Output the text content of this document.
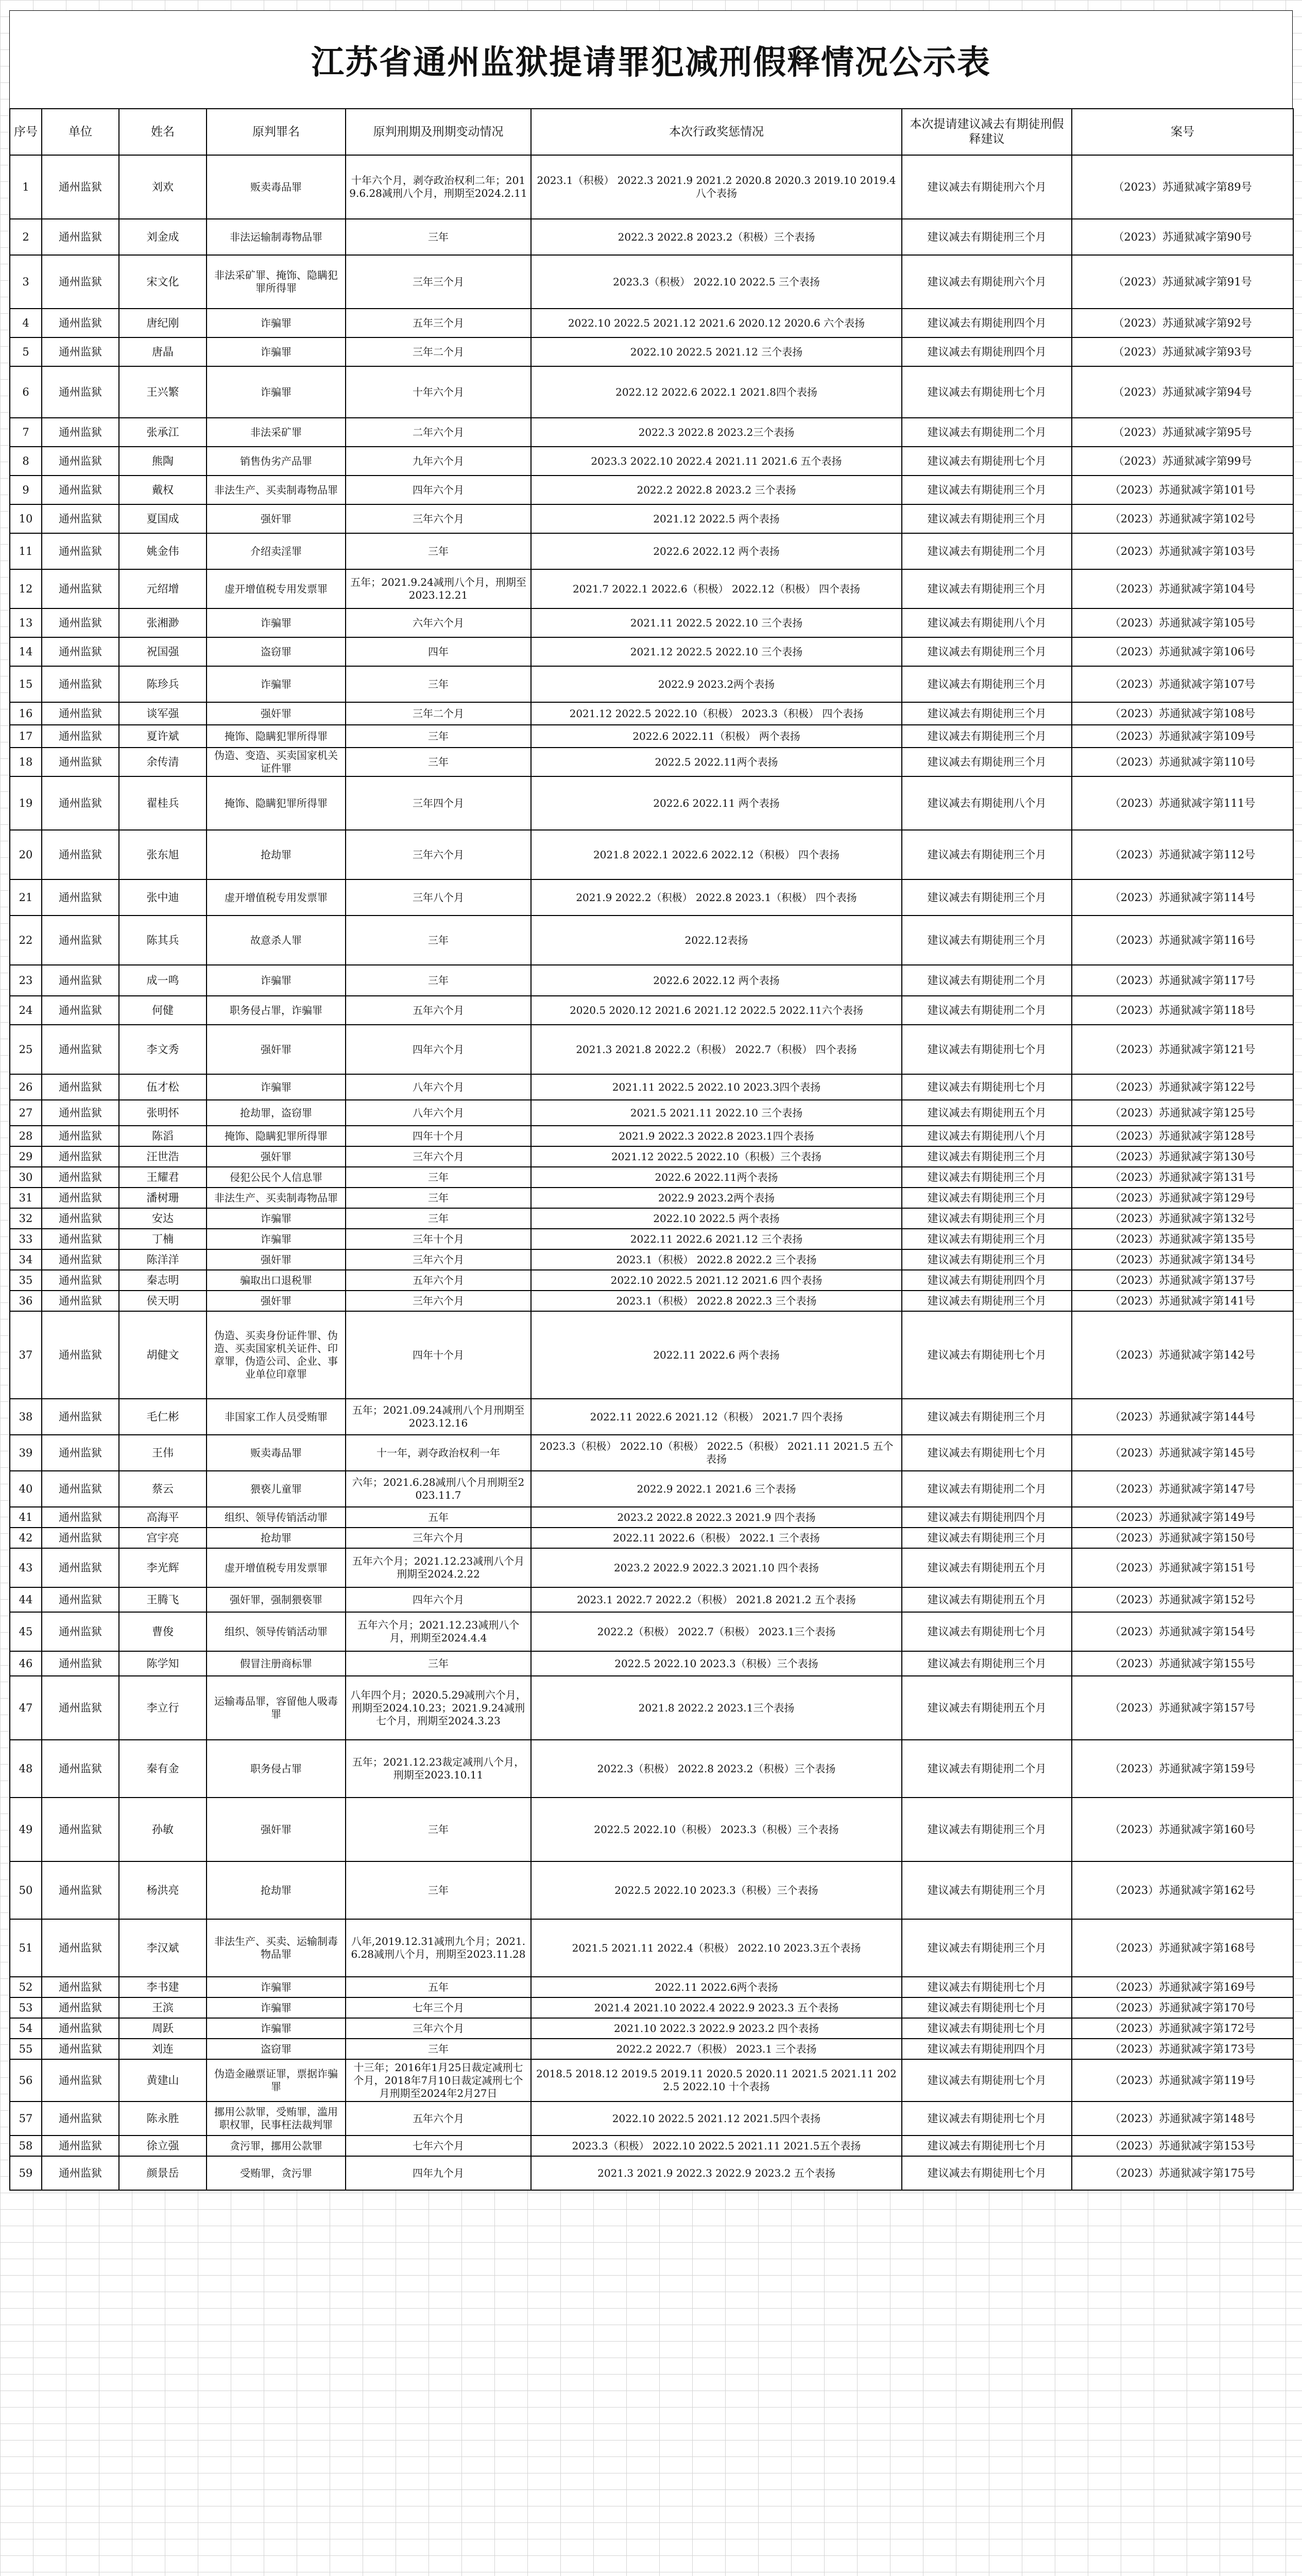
江苏省通州监狱提请罪犯减刑假释情况公示表
序号	单位	姓名	原判罪名	原判刑期及刑期变动情况	本次行政奖惩情况	本次提请建议减去有期徒刑假释建议	案号
1	通州监狱	刘欢	贩卖毒品罪	十年六个月，剥夺政治权利二年；2019.6.28减刑八个月，刑期至2024.2.11	2023.1（积极） 2022.3 2021.9 2021.2 2020.8 2020.3 2019.10 2019.4八个表扬	建议减去有期徒刑六个月	（2023）苏通狱减字第89号
2	通州监狱	刘金成	非法运输制毒物品罪	三年	2022.3 2022.8 2023.2（积极）三个表扬	建议减去有期徒刑三个月	（2023）苏通狱减字第90号
3	通州监狱	宋文化	非法采矿罪、掩饰、隐瞒犯罪所得罪	三年三个月	2023.3（积极） 2022.10 2022.5 三个表扬	建议减去有期徒刑六个月	（2023）苏通狱减字第91号
4	通州监狱	唐纪刚	诈骗罪	五年三个月	2022.10 2022.5 2021.12 2021.6 2020.12 2020.6 六个表扬	建议减去有期徒刑四个月	（2023）苏通狱减字第92号
5	通州监狱	唐晶	诈骗罪	三年二个月	2022.10 2022.5 2021.12 三个表扬	建议减去有期徒刑四个月	（2023）苏通狱减字第93号
6	通州监狱	王兴繁	诈骗罪	十年六个月	2022.12 2022.6 2022.1 2021.8四个表扬	建议减去有期徒刑七个月	（2023）苏通狱减字第94号
7	通州监狱	张承江	非法采矿罪	二年六个月	2022.3 2022.8 2023.2三个表扬	建议减去有期徒刑二个月	（2023）苏通狱减字第95号
8	通州监狱	熊陶	销售伪劣产品罪	九年六个月	2023.3 2022.10 2022.4 2021.11 2021.6 五个表扬	建议减去有期徒刑七个月	（2023）苏通狱减字第99号
9	通州监狱	戴权	非法生产、买卖制毒物品罪	四年六个月	2022.2 2022.8 2023.2 三个表扬	建议减去有期徒刑三个月	（2023）苏通狱减字第101号
10	通州监狱	夏国成	强奸罪	三年六个月	2021.12 2022.5 两个表扬	建议减去有期徒刑三个月	（2023）苏通狱减字第102号
11	通州监狱	姚金伟	介绍卖淫罪	三年	2022.6 2022.12 两个表扬	建议减去有期徒刑二个月	（2023）苏通狱减字第103号
12	通州监狱	元绍增	虚开增值税专用发票罪	五年；2021.9.24减刑八个月，刑期至2023.12.21	2021.7 2022.1 2022.6（积极） 2022.12（积极） 四个表扬	建议减去有期徒刑三个月	（2023）苏通狱减字第104号
13	通州监狱	张湘渺	诈骗罪	六年六个月	2021.11 2022.5 2022.10 三个表扬	建议减去有期徒刑八个月	（2023）苏通狱减字第105号
14	通州监狱	祝国强	盗窃罪	四年	2021.12 2022.5 2022.10 三个表扬	建议减去有期徒刑三个月	（2023）苏通狱减字第106号
15	通州监狱	陈珍兵	诈骗罪	三年	2022.9 2023.2两个表扬	建议减去有期徒刑三个月	（2023）苏通狱减字第107号
16	通州监狱	谈军强	强奸罪	三年二个月	2021.12 2022.5 2022.10（积极） 2023.3（积极） 四个表扬	建议减去有期徒刑三个月	（2023）苏通狱减字第108号
17	通州监狱	夏许斌	掩饰、隐瞒犯罪所得罪	三年	2022.6 2022.11（积极） 两个表扬	建议减去有期徒刑三个月	（2023）苏通狱减字第109号
18	通州监狱	余传清	伪造、变造、买卖国家机关证件罪	三年	2022.5 2022.11两个表扬	建议减去有期徒刑三个月	（2023）苏通狱减字第110号
19	通州监狱	翟桂兵	掩饰、隐瞒犯罪所得罪	三年四个月	2022.6 2022.11 两个表扬	建议减去有期徒刑八个月	（2023）苏通狱减字第111号
20	通州监狱	张东旭	抢劫罪	三年六个月	2021.8 2022.1 2022.6 2022.12（积极） 四个表扬	建议减去有期徒刑三个月	（2023）苏通狱减字第112号
21	通州监狱	张中迪	虚开增值税专用发票罪	三年八个月	2021.9 2022.2（积极） 2022.8 2023.1（积极） 四个表扬	建议减去有期徒刑三个月	（2023）苏通狱减字第114号
22	通州监狱	陈其兵	故意杀人罪	三年	2022.12表扬	建议减去有期徒刑三个月	（2023）苏通狱减字第116号
23	通州监狱	成一鸣	诈骗罪	三年	2022.6 2022.12 两个表扬	建议减去有期徒刑二个月	（2023）苏通狱减字第117号
24	通州监狱	何健	职务侵占罪，诈骗罪	五年六个月	2020.5 2020.12 2021.6 2021.12 2022.5 2022.11六个表扬	建议减去有期徒刑二个月	（2023）苏通狱减字第118号
25	通州监狱	李文秀	强奸罪	四年六个月	2021.3 2021.8 2022.2（积极） 2022.7（积极） 四个表扬	建议减去有期徒刑七个月	（2023）苏通狱减字第121号
26	通州监狱	伍才松	诈骗罪	八年六个月	2021.11 2022.5 2022.10 2023.3四个表扬	建议减去有期徒刑七个月	（2023）苏通狱减字第122号
27	通州监狱	张明怀	抢劫罪，盗窃罪	八年六个月	2021.5 2021.11 2022.10 三个表扬	建议减去有期徒刑五个月	（2023）苏通狱减字第125号
28	通州监狱	陈滔	掩饰、隐瞒犯罪所得罪	四年十个月	2021.9 2022.3 2022.8 2023.1四个表扬	建议减去有期徒刑八个月	（2023）苏通狱减字第128号
29	通州监狱	汪世浩	强奸罪	三年六个月	2021.12 2022.5 2022.10（积极）三个表扬	建议减去有期徒刑三个月	（2023）苏通狱减字第130号
30	通州监狱	王耀君	侵犯公民个人信息罪	三年	2022.6 2022.11两个表扬	建议减去有期徒刑三个月	（2023）苏通狱减字第131号
31	通州监狱	潘树珊	非法生产、买卖制毒物品罪	三年	2022.9 2023.2两个表扬	建议减去有期徒刑三个月	（2023）苏通狱减字第129号
32	通州监狱	安达	诈骗罪	三年	2022.10 2022.5 两个表扬	建议减去有期徒刑三个月	（2023）苏通狱减字第132号
33	通州监狱	丁楠	诈骗罪	三年十个月	2022.11 2022.6 2021.12 三个表扬	建议减去有期徒刑三个月	（2023）苏通狱减字第135号
34	通州监狱	陈洋洋	强奸罪	三年六个月	2023.1（积极） 2022.8 2022.2 三个表扬	建议减去有期徒刑三个月	（2023）苏通狱减字第134号
35	通州监狱	秦志明	骗取出口退税罪	五年六个月	2022.10 2022.5 2021.12 2021.6 四个表扬	建议减去有期徒刑四个月	（2023）苏通狱减字第137号
36	通州监狱	侯天明	强奸罪	三年六个月	2023.1（积极） 2022.8 2022.3 三个表扬	建议减去有期徒刑三个月	（2023）苏通狱减字第141号
37	通州监狱	胡健文	伪造、买卖身份证件罪、伪造、买卖国家机关证件、印章罪，伪造公司、企业、事业单位印章罪	四年十个月	2022.11 2022.6 两个表扬	建议减去有期徒刑七个月	（2023）苏通狱减字第142号
38	通州监狱	毛仁彬	非国家工作人员受贿罪	五年；2021.09.24减刑八个月刑期至2023.12.16	2022.11 2022.6 2021.12（积极） 2021.7 四个表扬	建议减去有期徒刑三个月	（2023）苏通狱减字第144号
39	通州监狱	王伟	贩卖毒品罪	十一年，剥夺政治权利一年	2023.3（积极） 2022.10（积极） 2022.5（积极） 2021.11 2021.5 五个表扬	建议减去有期徒刑七个月	（2023）苏通狱减字第145号
40	通州监狱	蔡云	猥亵儿童罪	六年；2021.6.28减刑八个月刑期至2023.11.7	2022.9 2022.1 2021.6 三个表扬	建议减去有期徒刑二个月	（2023）苏通狱减字第147号
41	通州监狱	高海平	组织、领导传销活动罪	五年	2023.2 2022.8 2022.3 2021.9 四个表扬	建议减去有期徒刑四个月	（2023）苏通狱减字第149号
42	通州监狱	宫宇亮	抢劫罪	三年六个月	2022.11 2022.6（积极） 2022.1 三个表扬	建议减去有期徒刑三个月	（2023）苏通狱减字第150号
43	通州监狱	李光辉	虚开增值税专用发票罪	五年六个月；2021.12.23减刑八个月刑期至2024.2.22	2023.2 2022.9 2022.3 2021.10 四个表扬	建议减去有期徒刑五个月	（2023）苏通狱减字第151号
44	通州监狱	王腾飞	强奸罪，强制猥亵罪	四年六个月	2023.1 2022.7 2022.2（积极） 2021.8 2021.2 五个表扬	建议减去有期徒刑五个月	（2023）苏通狱减字第152号
45	通州监狱	曹俊	组织、领导传销活动罪	五年六个月；2021.12.23减刑八个月，刑期至2024.4.4	2022.2（积极） 2022.7（积极） 2023.1三个表扬	建议减去有期徒刑七个月	（2023）苏通狱减字第154号
46	通州监狱	陈学知	假冒注册商标罪	三年	2022.5 2022.10 2023.3（积极）三个表扬	建议减去有期徒刑三个月	（2023）苏通狱减字第155号
47	通州监狱	李立行	运输毒品罪，容留他人吸毒罪	八年四个月；2020.5.29减刑六个月，刑期至2024.10.23；2021.9.24减刑七个月，刑期至2024.3.23	2021.8 2022.2 2023.1三个表扬	建议减去有期徒刑五个月	（2023）苏通狱减字第157号
48	通州监狱	秦有金	职务侵占罪	五年；2021.12.23裁定减刑八个月，刑期至2023.10.11	2022.3（积极） 2022.8 2023.2（积极）三个表扬	建议减去有期徒刑二个月	（2023）苏通狱减字第159号
49	通州监狱	孙敏	强奸罪	三年	2022.5 2022.10（积极） 2023.3（积极）三个表扬	建议减去有期徒刑三个月	（2023）苏通狱减字第160号
50	通州监狱	杨洪亮	抢劫罪	三年	2022.5 2022.10 2023.3（积极）三个表扬	建议减去有期徒刑三个月	（2023）苏通狱减字第162号
51	通州监狱	李汉斌	非法生产、买卖、运输制毒物品罪	八年,2019.12.31减刑九个月；2021.6.28减刑八个月，刑期至2023.11.28	2021.5 2021.11 2022.4（积极） 2022.10 2023.3五个表扬	建议减去有期徒刑三个月	（2023）苏通狱减字第168号
52	通州监狱	李书建	诈骗罪	五年	2022.11 2022.6两个表扬	建议减去有期徒刑七个月	（2023）苏通狱减字第169号
53	通州监狱	王滨	诈骗罪	七年三个月	2021.4 2021.10 2022.4 2022.9 2023.3 五个表扬	建议减去有期徒刑七个月	（2023）苏通狱减字第170号
54	通州监狱	周跃	诈骗罪	三年六个月	2021.10 2022.3 2022.9 2023.2 四个表扬	建议减去有期徒刑七个月	（2023）苏通狱减字第172号
55	通州监狱	刘连	盗窃罪	三年	2022.2 2022.7（积极） 2023.1 三个表扬	建议减去有期徒刑四个月	（2023）苏通狱减字第173号
56	通州监狱	黄建山	伪造金融票证罪，票据诈骗罪	十三年；2016年1月25日裁定减刑七个月，2018年7月10日裁定减刑七个月刑期至2024年2月27日	2018.5 2018.12 2019.5 2019.11 2020.5 2020.11 2021.5 2021.11 2022.5 2022.10 十个表扬	建议减去有期徒刑七个月	（2023）苏通狱减字第119号
57	通州监狱	陈永胜	挪用公款罪，受贿罪，滥用职权罪，民事枉法裁判罪	五年六个月	2022.10 2022.5 2021.12 2021.5四个表扬	建议减去有期徒刑七个月	（2023）苏通狱减字第148号
58	通州监狱	徐立强	贪污罪，挪用公款罪	七年六个月	2023.3（积极） 2022.10 2022.5 2021.11 2021.5五个表扬	建议减去有期徒刑七个月	（2023）苏通狱减字第153号
59	通州监狱	颜景岳	受贿罪，贪污罪	四年九个月	2021.3 2021.9 2022.3 2022.9 2023.2 五个表扬	建议减去有期徒刑七个月	（2023）苏通狱减字第175号
